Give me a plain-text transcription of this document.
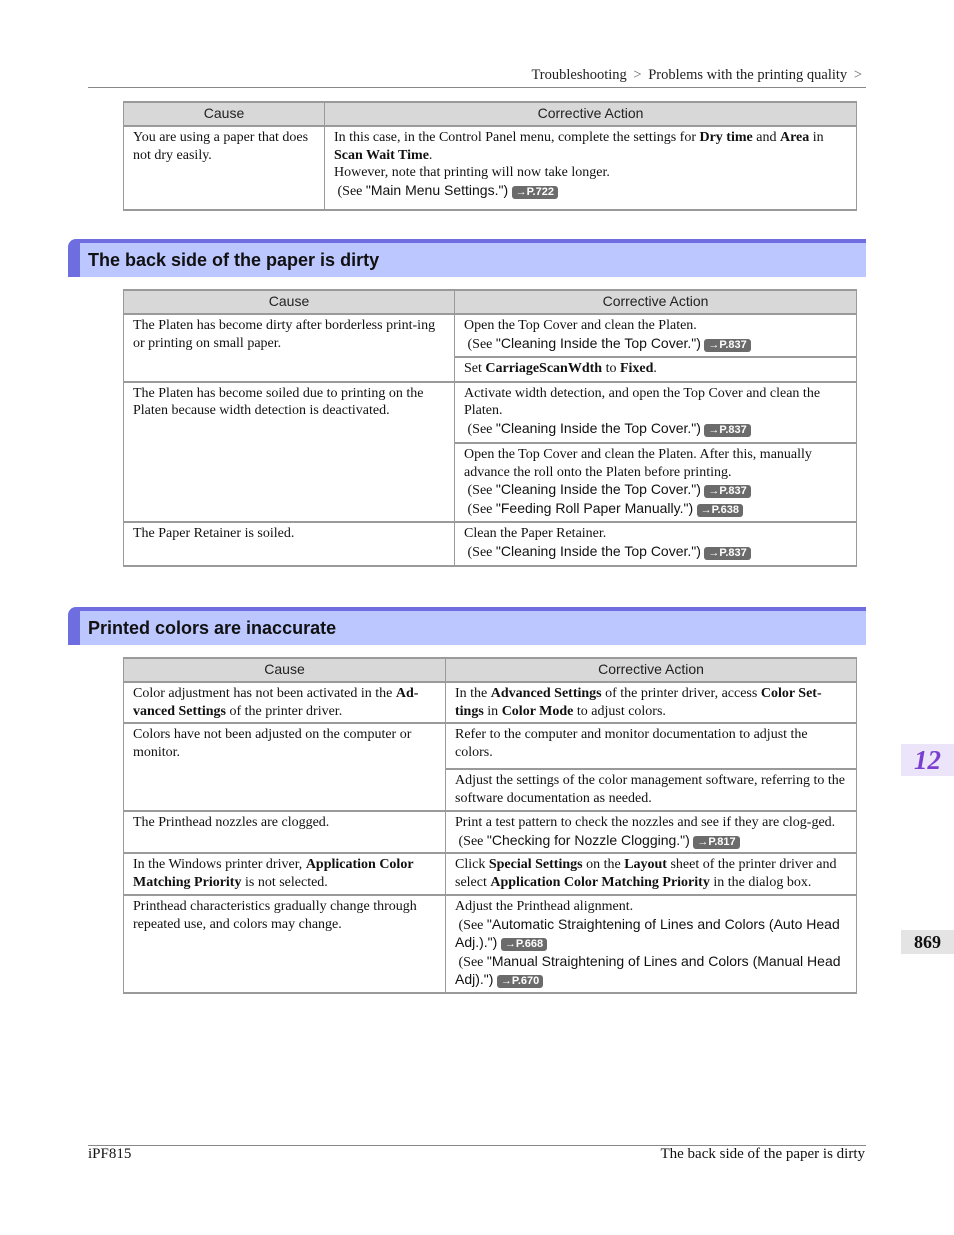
Troubleshooting > Problems with the printing quality >
Cause	Corrective Action
You are using a paper that does not dry easily.	In this case, in the Control Panel menu, complete the settings for Dry time and Area in Scan Wait Time.
However, note that printing will now take longer.
(See "Main Menu Settings.") →P.722
The back side of the paper is dirty
Cause	Corrective Action
The Platen has become dirty after borderless print-ing or printing on small paper.	Open the Top Cover and clean the Platen.
(See "Cleaning Inside the Top Cover.") →P.837
	Set CarriageScanWdth to Fixed.
The Platen has become soiled due to printing on the Platen because width detection is deactivated.	Activate width detection, and open the Top Cover and clean the Platen.
(See "Cleaning Inside the Top Cover.") →P.837
	Open the Top Cover and clean the Platen. After this, manually advance the roll onto the Platen before printing.
(See "Cleaning Inside the Top Cover.") →P.837
(See "Feeding Roll Paper Manually.") →P.638
The Paper Retainer is soiled.	Clean the Paper Retainer.
(See "Cleaning Inside the Top Cover.") →P.837
Printed colors are inaccurate
Cause	Corrective Action
Color adjustment has not been activated in the Ad-vanced Settings of the printer driver.	In the Advanced Settings of the printer driver, access Color Set-tings in Color Mode to adjust colors.
Colors have not been adjusted on the computer or monitor.	Refer to the computer and monitor documentation to adjust the colors.
	Adjust the settings of the color management software, referring to the software documentation as needed.
The Printhead nozzles are clogged.	Print a test pattern to check the nozzles and see if they are clog-ged.
(See "Checking for Nozzle Clogging.") →P.817
In the Windows printer driver, Application Color Matching Priority is not selected.	Click Special Settings on the Layout sheet of the printer driver and select Application Color Matching Priority in the dialog box.
Printhead characteristics gradually change through repeated use, and colors may change.	Adjust the Printhead alignment.
(See "Automatic Straightening of Lines and Colors (Auto Head Adj.).") →P.668
(See "Manual Straightening of Lines and Colors (Manual Head Adj).") →P.670
12
869
iPF815	The back side of the paper is dirty
